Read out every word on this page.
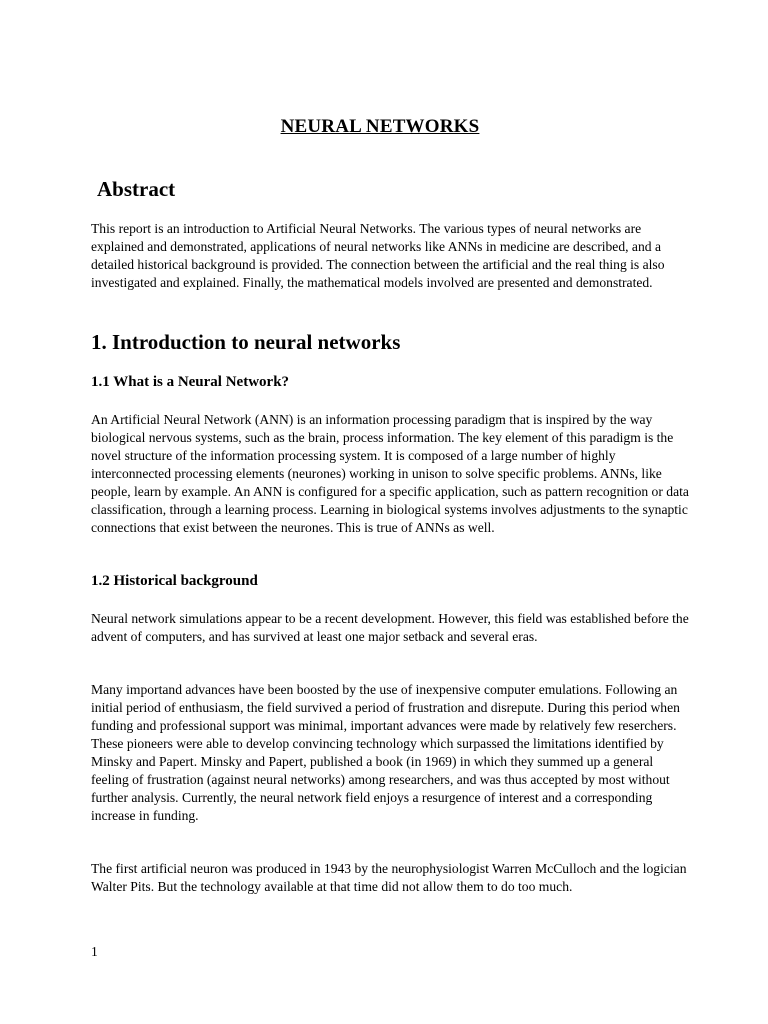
NEURAL NETWORKS
Abstract

This report is an introduction to Artificial Neural Networks. The various types of neural networks are explained and demonstrated, applications of neural networks like ANNs in medicine are described, and a detailed historical background is provided. The connection between the artificial and the real thing is also investigated and explained. Finally, the mathematical models involved are presented and demonstrated.

1. Introduction to neural networks
1.1 What is a Neural Network?

An Artificial Neural Network (ANN) is an information processing paradigm that is inspired by the way biological nervous systems, such as the brain, process information. The key element of this paradigm is the novel structure of the information processing system. It is composed of a large number of highly interconnected processing elements (neurones) working in unison to solve specific problems. ANNs, like people, learn by example. An ANN is configured for a specific application, such as pattern recognition or data classification, through a learning process. Learning in biological systems involves adjustments to the synaptic connections that exist between the neurones. This is true of ANNs as well.

1.2 Historical background

Neural network simulations appear to be a recent development. However, this field was established before the advent of computers, and has survived at least one major setback and several eras.

Many importand advances have been boosted by the use of inexpensive computer emulations. Following an initial period of enthusiasm, the field survived a period of frustration and disrepute. During this period when funding and professional support was minimal, important advances were made by relatively few reserchers. These pioneers were able to develop convincing technology which surpassed the limitations identified by Minsky and Papert. Minsky and Papert, published a book (in 1969) in which they summed up a general feeling of frustration (against neural networks) among researchers, and was thus accepted by most without further analysis. Currently, the neural network field enjoys a resurgence of interest and a corresponding increase in funding.

The first artificial neuron was produced in 1943 by the neurophysiologist Warren McCulloch and the logician Walter Pits. But the technology available at that time did not allow them to do too much.

1
